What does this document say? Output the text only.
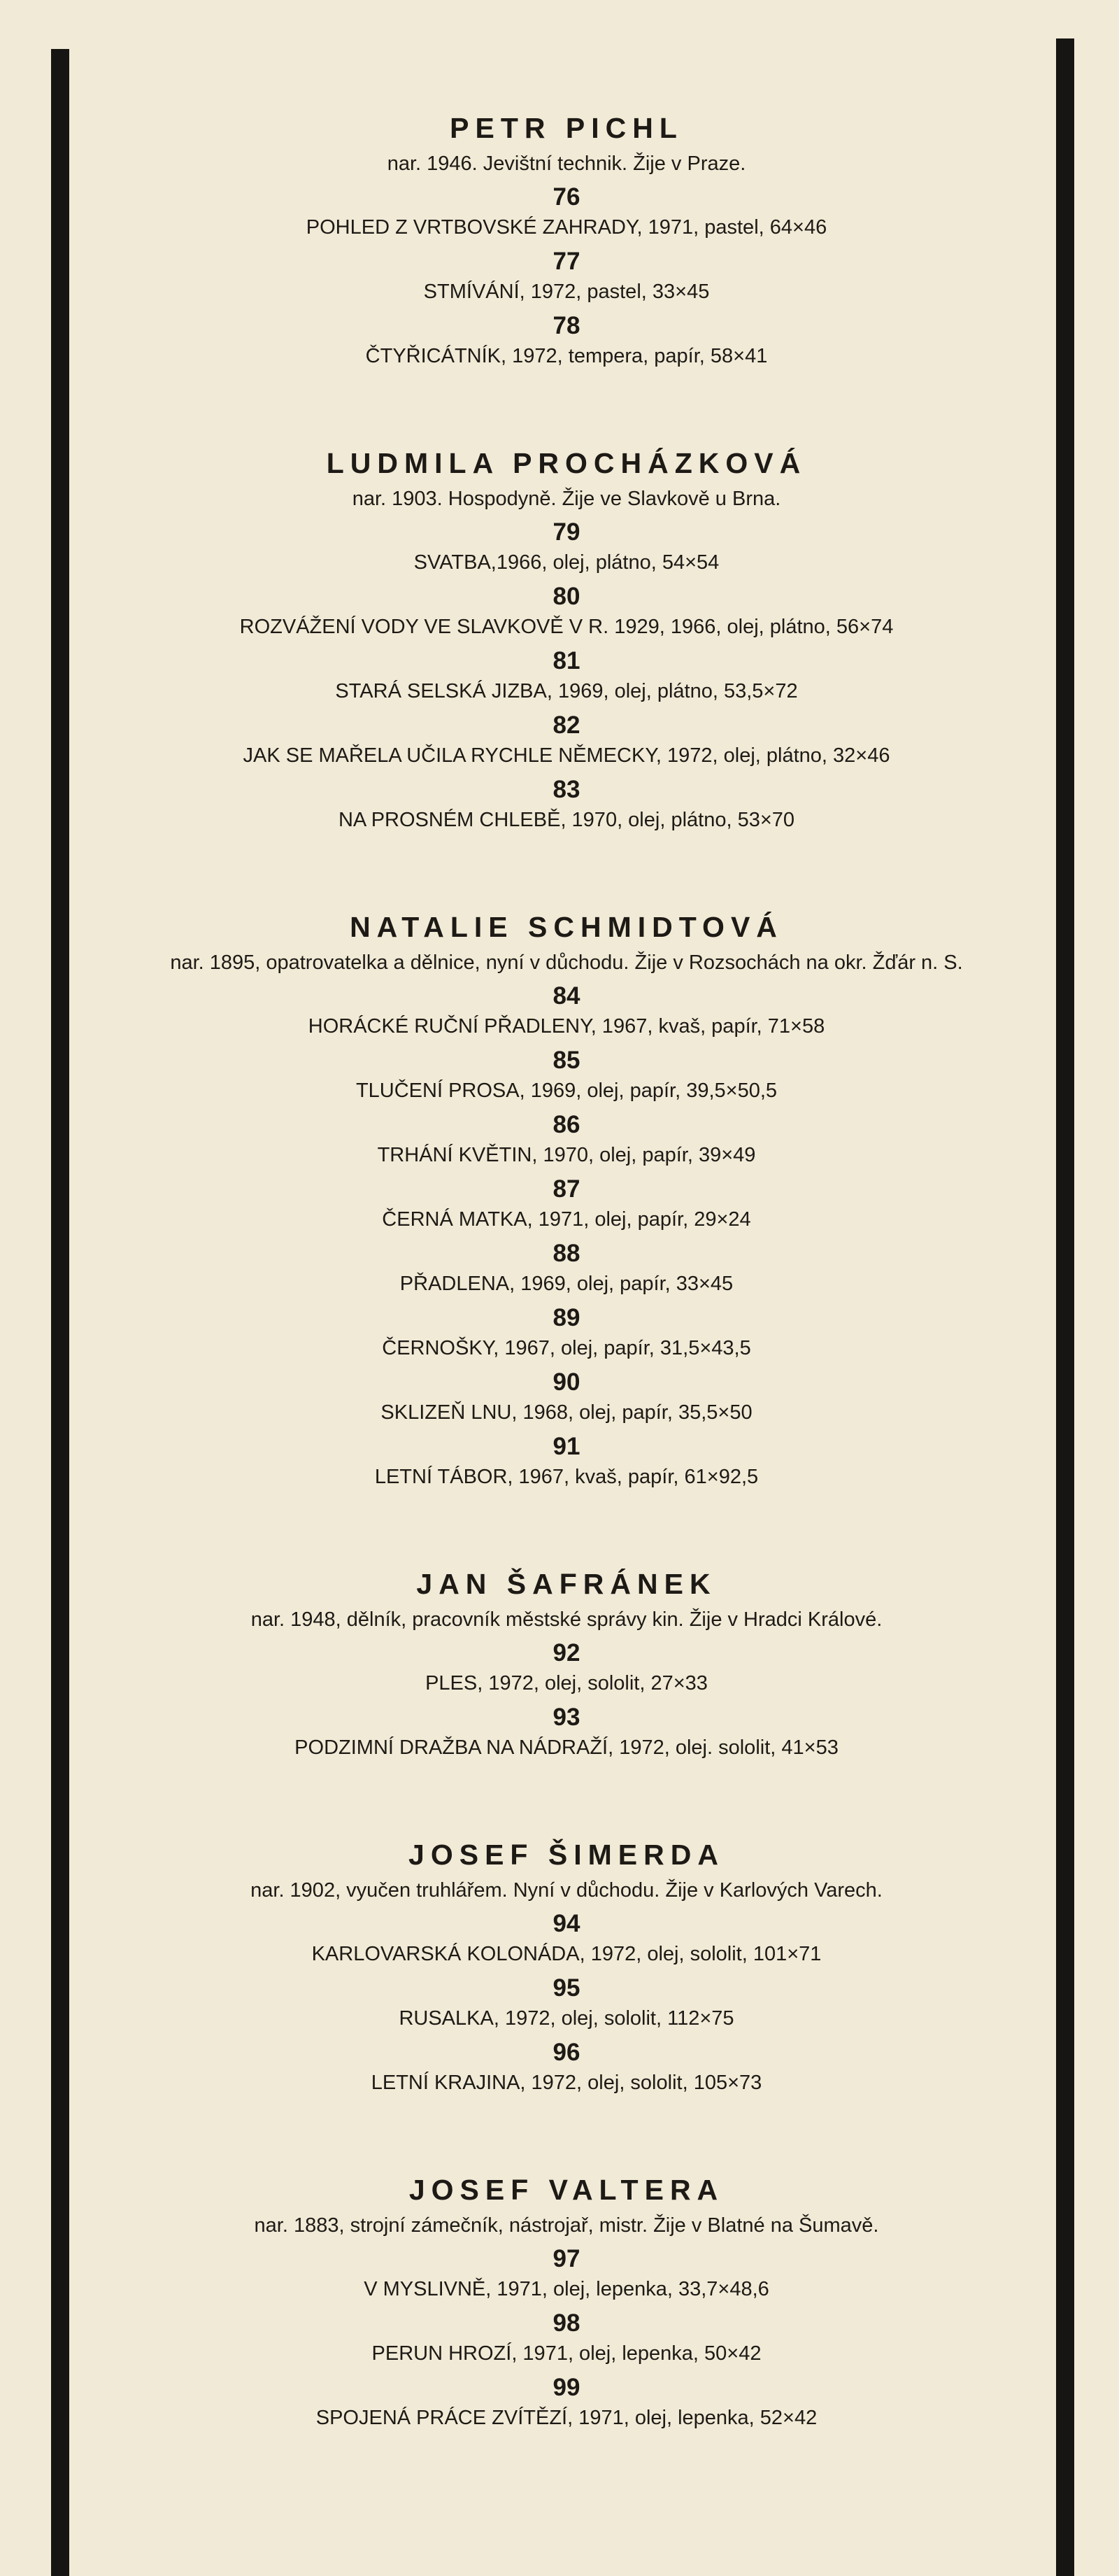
PETR PICHL
nar. 1946. Jevištní technik. Žije v Praze.
76
POHLED Z VRTBOVSKÉ ZAHRADY, 1971, pastel, 64×46
77
STMÍVÁNÍ, 1972, pastel, 33×45
78
ČTYŘICÁTNÍK, 1972, tempera, papír, 58×41
LUDMILA PROCHÁZKOVÁ
nar. 1903. Hospodyně. Žije ve Slavkově u Brna.
79
SVATBA,1966, olej, plátno, 54×54
80
ROZVÁŽENÍ VODY VE SLAVKOVĚ V R. 1929, 1966, olej, plátno, 56×74
81
STARÁ SELSKÁ JIZBA, 1969, olej, plátno, 53,5×72
82
JAK SE MAŘELA UČILA RYCHLE NĚMECKY, 1972, olej, plátno, 32×46
83
NA PROSNÉM CHLEBĚ, 1970, olej, plátno, 53×70
NATALIE SCHMIDTOVÁ
nar. 1895, opatrovatelka a dělnice, nyní v důchodu. Žije v Rozsochách na okr. Žďár n. S.
84
HORÁCKÉ RUČNÍ PŘADLENY, 1967, kvaš, papír, 71×58
85
TLUČENÍ PROSA, 1969, olej, papír, 39,5×50,5
86
TRHÁNÍ KVĚTIN, 1970, olej, papír, 39×49
87
ČERNÁ MATKA, 1971, olej, papír, 29×24
88
PŘADLENA, 1969, olej, papír, 33×45
89
ČERNOŠKY, 1967, olej, papír, 31,5×43,5
90
SKLIZEŇ LNU, 1968, olej, papír, 35,5×50
91
LETNÍ TÁBOR, 1967, kvaš, papír, 61×92,5
JAN ŠAFRÁNEK
nar. 1948, dělník, pracovník městské správy kin. Žije v Hradci Králové.
92
PLES, 1972, olej, sololit, 27×33
93
PODZIMNÍ DRAŽBA NA NÁDRAŽÍ, 1972, olej. sololit, 41×53
JOSEF ŠIMERDA
nar. 1902, vyučen truhlářem. Nyní v důchodu. Žije v Karlových Varech.
94
KARLOVARSKÁ KOLONÁDA, 1972, olej, sololit, 101×71
95
RUSALKA, 1972, olej, sololit, 112×75
96
LETNÍ KRAJINA, 1972, olej, sololit, 105×73
JOSEF VALTERA
nar. 1883, strojní zámečník, nástrojař, mistr. Žije v Blatné na Šumavě.
97
V MYSLIVNĚ, 1971, olej, lepenka, 33,7×48,6
98
PERUN HROZÍ, 1971, olej, lepenka, 50×42
99
SPOJENÁ PRÁCE ZVÍTĚZÍ, 1971, olej, lepenka, 52×42
